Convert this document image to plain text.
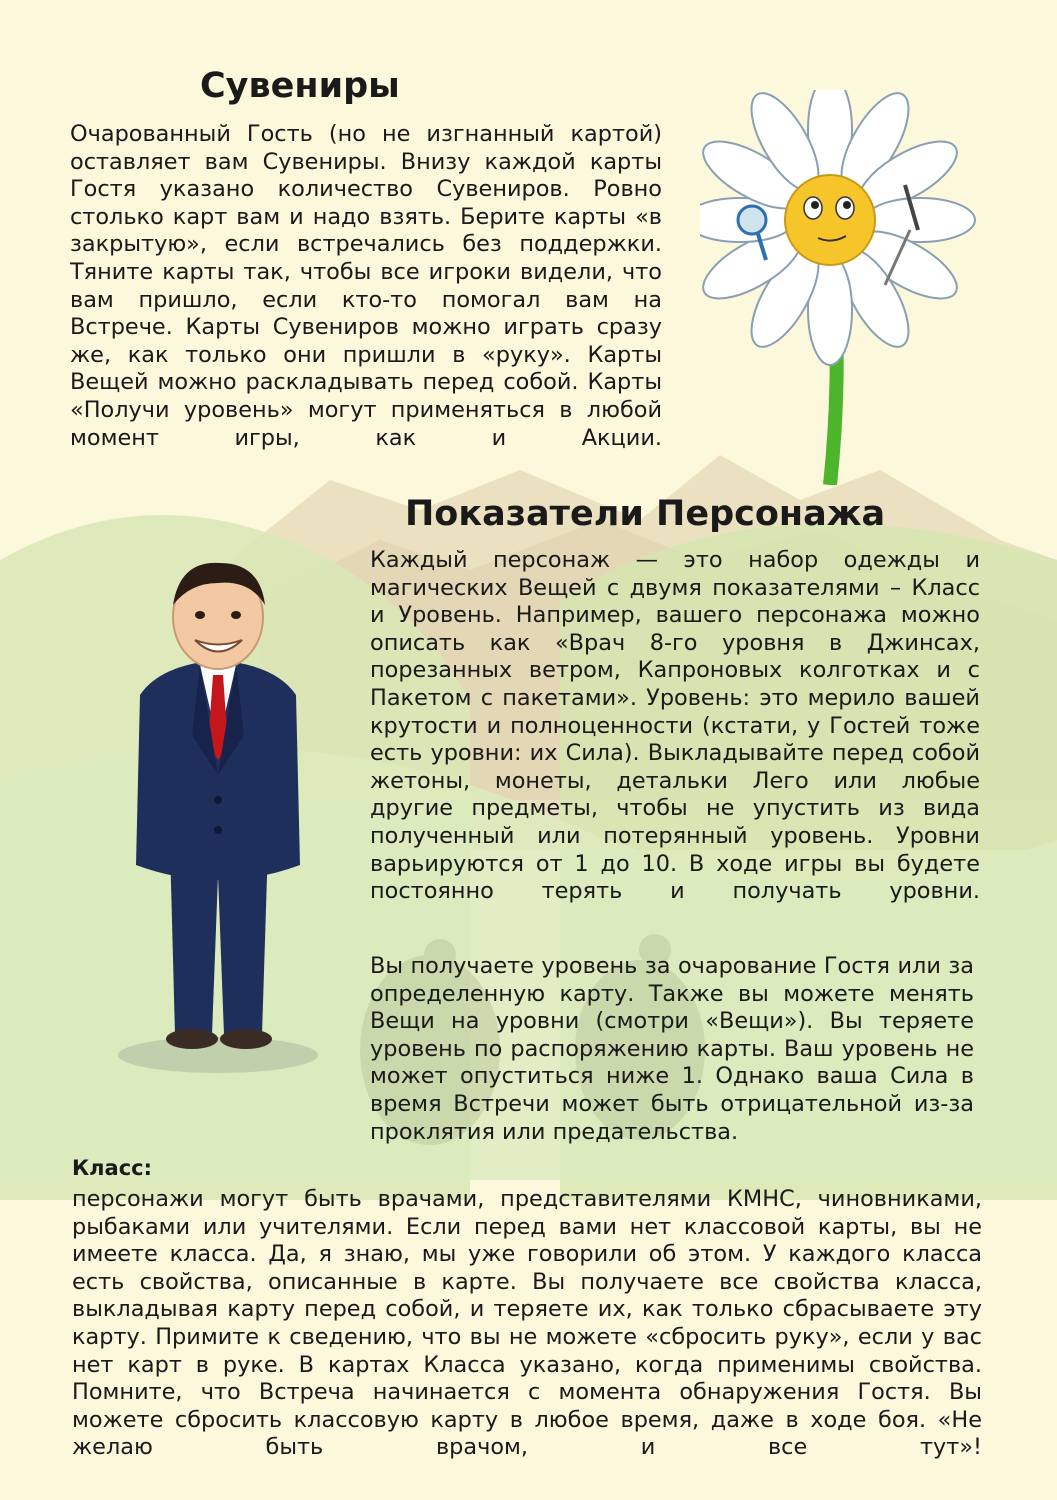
Сувениры

Очарованный Гость (но не изгнанный картой) оставляет вам Сувениры. Внизу каждой карты Гостя указано количество Сувениров. Ровно столько карт вам и надо взять. Берите карты «в закрытую», если встречались без поддержки. Тяните карты так, чтобы все игроки видели, что вам пришло, если кто-то помогал вам на Встрече. Карты Сувениров можно играть сразу же, как только они пришли в «руку». Карты Вещей можно раскладывать перед собой. Карты «Получи уровень» могут применяться в любой момент игры, как и Акции.

Показатели Персонажа

Каждый персонаж — это набор одежды и магических Вещей с двумя показателями – Класс и Уровень. Например, вашего персонажа можно описать как «Врач 8-го уровня в Джинсах, порезанных ветром, Капроновых колготках и с Пакетом с пакетами». Уровень: это мерило вашей крутости и полноценности (кстати, у Гостей тоже есть уровни: их Сила). Выкладывайте перед собой жетоны, монеты, детальки Лего или любые другие предметы, чтобы не упустить из вида полученный или потерянный уровень. Уровни варьируются от 1 до 10. В ходе игры вы будете постоянно терять и получать уровни.

Вы получаете уровень за очарование Гостя или за определенную карту. Также вы можете менять Вещи на уровни (смотри «Вещи»). Вы теряете уровень по распоряжению карты. Ваш уровень не может опуститься ниже 1. Однако ваша Сила в время Встречи может быть отрицательной из-за проклятия или предательства.

Класс:

персонажи могут быть врачами, представителями КМНС, чиновниками, рыбаками или учителями. Если перед вами нет классовой карты, вы не имеете класса. Да, я знаю, мы уже говорили об этом. У каждого класса есть свойства, описанные в карте. Вы получаете все свойства класса, выкладывая карту перед собой, и теряете их, как только сбрасываете эту карту. Примите к сведению, что вы не можете «сбросить руку», если у вас нет карт в руке. В картах Класса указано, когда применимы свойства. Помните, что Встреча начинается с момента обнаружения Гостя. Вы можете сбросить классовую карту в любое время, даже в ходе боя. «Не желаю быть врачом, и все тут»!
